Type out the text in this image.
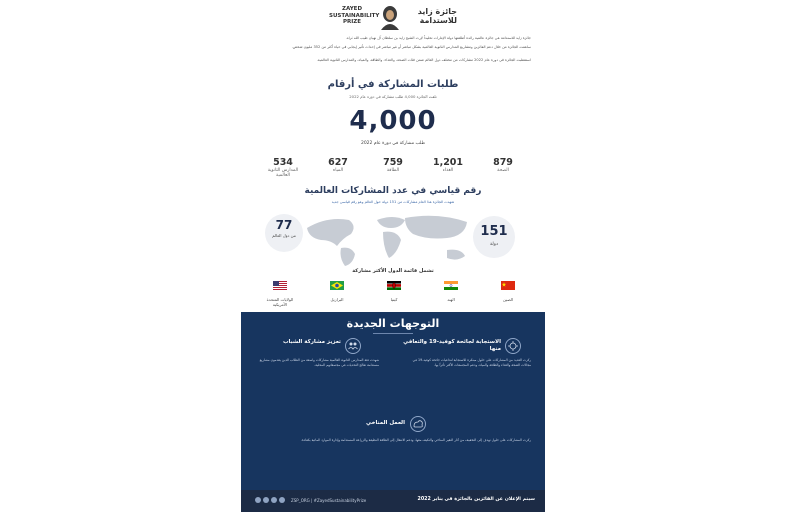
ZAYED SUSTAINABILITY PRIZE
جائزة زايد للاستدامة
جائزة زايد للاستدامة هي جائزة عالمية رائدة أطلقتها دولة الإمارات تخليداً لإرث الشيخ زايد بن سلطان آل نهيان طيب الله ثراه.
ساهمت الجائزة من خلال دعم الفائزين ومشاريع المدارس الثانوية العالمية بشكل مباشر أو غير مباشر في إحداث تأثير إيجابي في حياة أكثر من 352 مليون شخص.
استقطبت الجائزة في دورة عام 2022 مشاركات من مختلف دول العالم ضمن فئات الصحة، والغذاء، والطاقة، والمياه، والمدارس الثانوية العالمية.
طلبات المشاركة في أرقام
تلقت الجائزة 4,000 طلب مشاركة في دورة عام 2022
4,000
طلب مشاركة في دورة عام 2022
534
المدارس الثانوية العالمية
627
المياه
759
الطاقة
1,201
الغذاء
879
الصحة
رقم قياسي في عدد المشاركات العالمية
شهدت الجائزة هذا العام مشاركات من 151 دولة حول العالم وهو رقم قياسي جديد
151
دولة
77
من دول العالم
تشمل قائمة الدول الأكثر مشاركة
الولايات المتحدة الأمريكية
البرازيل	كينيا	الهند	الصين
التوجهات الجديدة
الاستجابة لجائحة كوفيد-19 والتعافي منها
ركزت العديد من المشاركات على حلول مبتكرة للاستجابة لتداعيات جائحة كوفيد-19 في مجالات الصحة والغذاء والطاقة والمياه، ودعم المجتمعات الأكثر تأثراً بها.
تعزيز مشاركة الشباب
شهدت فئة المدارس الثانوية العالمية مشاركات واسعة من الطلاب الذين يقدمون مشاريع مستدامة تعالج التحديات في مجتمعاتهم المحلية.
العمل المناخي
ركزت المشاركات على حلول تهدف إلى التخفيف من آثار التغير المناخي والتكيف معها، ودعم الانتقال إلى الطاقة النظيفة والزراعة المستدامة وإدارة الموارد المائية بكفاءة.
ZSP_ORG | #ZayedSustainabilityPrize	سيتم الإعلان عن الفائزين بالجائزة في يناير 2022
